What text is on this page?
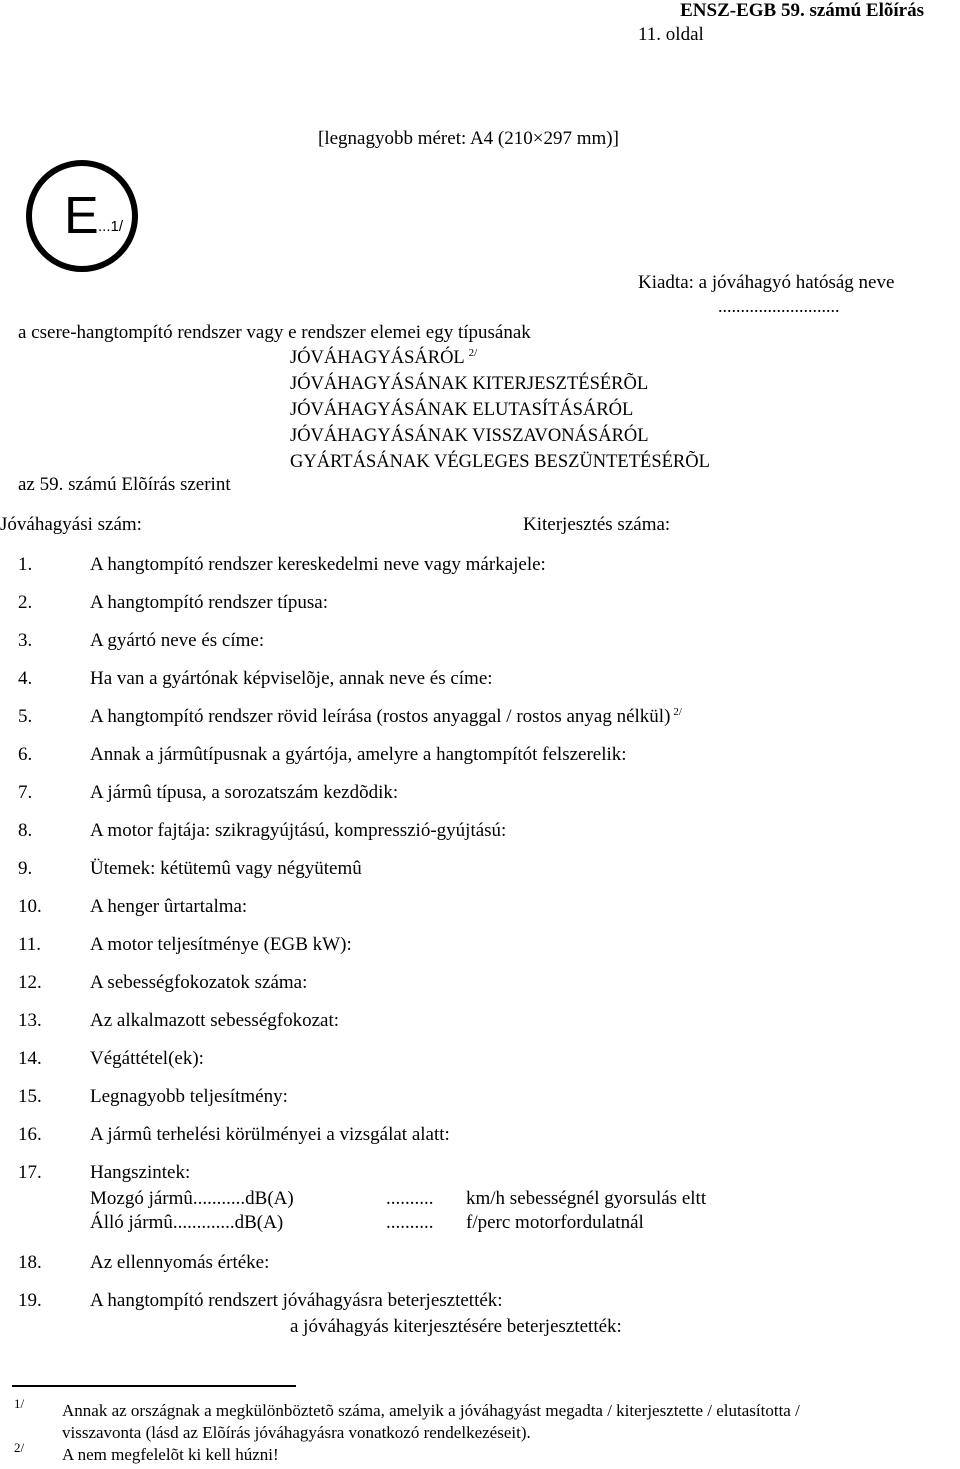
ENSZ-EGB 59. számú Elõírás
11. oldal
[legnagyobb méret: A4 (210×297 mm)]
E ...1/
Kiadta: a jóváhagyó hatóság neve
...........................
a csere-hangtompító rendszer vagy e rendszer elemei egy típusának
JÓVÁHAGYÁSÁRÓL $^{2/}$
JÓVÁHAGYÁSÁNAK KITERJESZTÉSÉRÕL
JÓVÁHAGYÁSÁNAK ELUTASÍTÁSÁRÓL
JÓVÁHAGYÁSÁNAK VISSZAVONÁSÁRÓL
GYÁRTÁSÁNAK VÉGLEGES BESZÜNTETÉSÉRÕL
az 59. számú Elõírás szerint
Jóváhagyási szám:	Kiterjesztés száma:
1.	A hangtompító rendszer kereskedelmi neve vagy márkajele:
2.	A hangtompító rendszer típusa:
3.	A gyártó neve és címe:
4.	Ha van a gyártónak képviselõje, annak neve és címe:
5.	A hangtompító rendszer rövid leírása (rostos anyaggal / rostos anyag nélkül) $^{2/}$
6.	Annak a jármûtípusnak a gyártója, amelyre a hangtompítót felszerelik:
7.	A jármû típusa, a sorozatszám kezdõdik:
8.	A motor fajtája: szikragyújtású, kompresszió-gyújtású:
9.	Ütemek: kétütemû vagy négyütemû
10.	A henger ûrtartalma:
11.	A motor teljesítménye (EGB kW):
12.	A sebességfokozatok száma:
13.	Az alkalmazott sebességfokozat:
14.	Végáttétel(ek):
15.	Legnagyobb teljesítmény:
16.	A jármû terhelési körülményei a vizsgálat alatt:
17.	Hangszintek:
Mozgó jármû...........dB(A)	.......... km/h sebességnél gyorsulás eltt
Álló jármû.............dB(A)	.......... f/perc motorfordulatnál
18.	Az ellennyomás értéke:
19.	A hangtompító rendszert jóváhagyásra beterjesztették:
a jóváhagyás kiterjesztésére beterjesztették:
1/ Annak az országnak a megkülönböztetõ száma, amelyik a jóváhagyást megadta / kiterjesztette / elutasította /
visszavonta (lásd az Elõírás jóváhagyásra vonatkozó rendelkezéseit).
2/ A nem megfelelõt ki kell húzni!
